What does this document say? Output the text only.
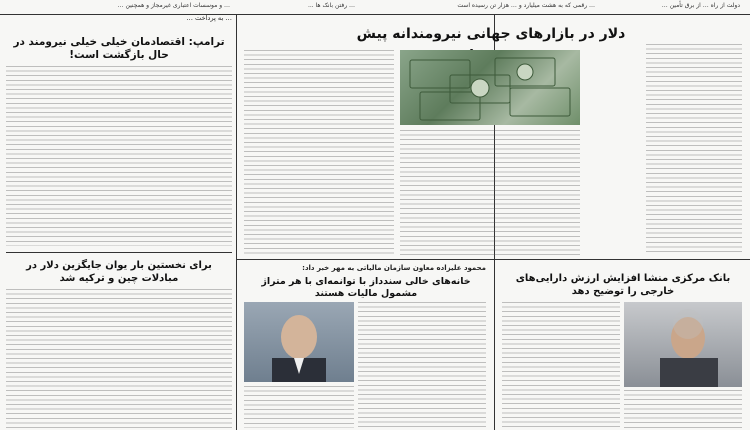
… و موسسات اعتباری غیرمجاز و همچنین …	… رفتن بانک ها ...	… رقمی که به هشت میلیارد و … هزار تن رسیده است	دولت از راه … از برق تأمین …

… به پرداخت …

ترامپ: اقتصادمان خیلی خیلی نیرومند در حال بازگشت است!
برای نخستین بار یوان جایگزین دلار در مبادلات چین و ترکیه شد
دلار در بازارهای جهانی نیرومندانه پیش
محمود علیزاده معاون سازمان مالیاتی به مهر خبر داد:
خانه‌های خالی سندداز با توانمه‌ای با هر متراژ مشمول مالیات هستند
بانک مرکزی منشا افزایش ارزش دارایی‌های خارجی را توضیح دهد
